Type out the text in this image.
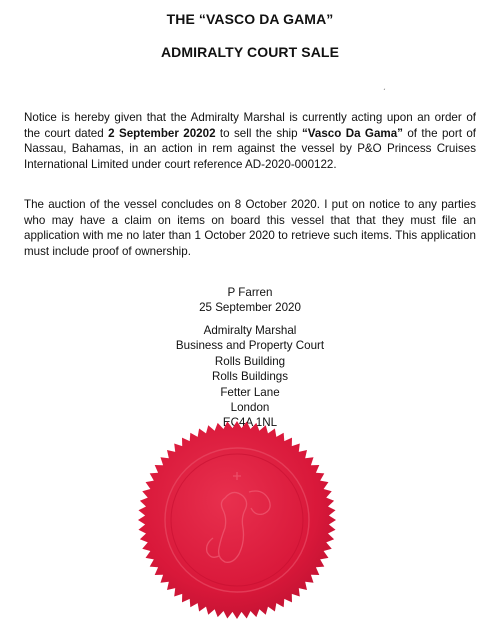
ˊ
THE “VASCO DA GAMA”
ADMIRALTY COURT SALE
Notice is hereby given that the Admiralty Marshal is currently acting upon an order of the court dated 2 September 20202 to sell the ship “Vasco Da Gama” of the port of Nassau, Bahamas, in an action in rem against the vessel by P&O Princess Cruises International Limited under court reference AD-2020-000122.
The auction of the vessel concludes on 8 October 2020. I put on notice to any parties who may have a claim on items on board this vessel that that they must file an application with me no later than 1 October 2020 to retrieve such items. This application must include proof of ownership.
P Farren
25 September 2020
Admiralty Marshal
Business and Property Court
Rolls Building
Rolls Buildings
Fetter Lane
London
EC4A 1NL
